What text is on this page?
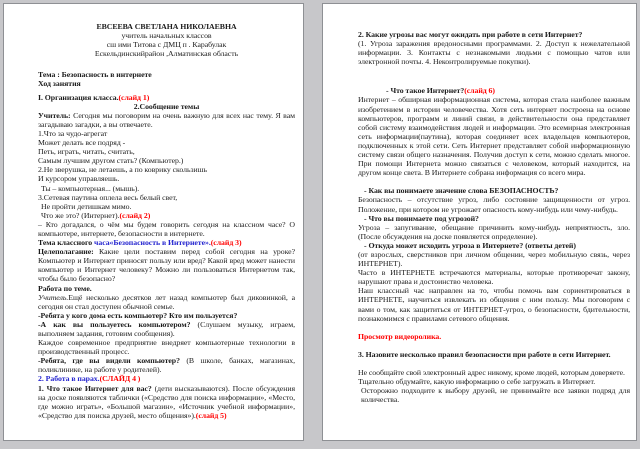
ЕВСЕЕВА СВЕТЛАНА НИКОЛАЕВНА

учитель начальных классов

сш ими Титова с ДМЦ п . Карабулак

Ескельдинскийрайон ,Алматинская область

Тема : Безопасность в интернете

Ход занятия

I. Организация класса.(слайд 1)

2.Сообщение темы

Учитель: Сегодня мы поговорим на очень важную для всех нас тему. Я вам загадываю загадки, а вы отвечаете.

1.Что за чудо-агрегат

Может делать все подряд -

Петь, играть, читать, считать,

Самым лучшим другом стать? (Компьютер.)

2.Не зверушка, не летаешь, а по коврику скользишь

И курсором управляешь.

Ты – компьютерная... (мышь).

3.Сетевая паутина оплела весь белый свет,

Не пройти детишкам мимо.

Что же это? (Интернет).(слайд 2)

– Кто догадался, о чём мы будем говорить сегодня на классном часе? О компьютере, интернете, безопасности в интернете.

Тема классного часа«Безопасность в Интернете».(слайд 3)

Целеполагание: Какие цели поставим перед собой сегодня на уроке? Компьютер и Интернет приносят пользу или вред? Какой вред может нанести компьютер и Интернет человеку? Можно ли пользоваться Интернетом так, чтобы было безопасно?

Работа по теме.

Учитель.Ещё несколько десятков лет назад компьютер был диковинкой, а сегодня он стал доступен обычной семье.

-Ребята у кого дома есть компьютер? Кто им пользуется?

-А как вы пользуетесь компьютером? (Слушаем музыку, играем, выполняем задания, готовим сообщения).

Каждое современное предприятие внедряет компьютерные технологии в производственный процесс.

-Ребята, где вы видели компьютер? (В школе, банках, магазинах, поликлинике, на работе у родителей).

2. Работа в парах.(СЛАЙД 4 )

1. Что такое Интернет для вас? (дети высказываются). После обсуждения на доске появляются таблички («Средство для поиска информации», «Место, где можно играть», «Большой магазин», «Источник учебной информации», «Средство для поиска друзей, место общения»).(слайд 5)

2. Какие угрозы вас могут ожидать при работе в сети Интернет?

(1. Угроза заражения вредоносными программами. 2. Доступ к нежелательной информации. 3. Контакты с незнакомыми людьми с помощью чатов или электронной почты. 4. Неконтролируемые покупки).

- Что такое Интернет?(слайд 6)

Интернет – обширная информационная система, которая стала наиболее важным изобретением в истории человечества. Хотя сеть интернет построена на основе компьютеров, программ и линий связи, в действительности она представляет собой систему взаимодействия людей и информации. Это всемирная электронная сеть информации(паутина), которая соединяет всех владельцев компьютеров, подключенных к этой сети. Сеть Интернет представляет собой информационную систему связи общего назначения. Получив доступ к сети, можно сделать многое. При помощи Интернета можно связаться с человеком, который находится, на другом конце света. В Интернете собрана информация со всего мира.

- Как вы понимаете значение слова БЕЗОПАСНОСТЬ?

Безопасность – отсутствие угроз, либо состояние защищенности от угроз. Положение, при котором не угрожает опасность кому-нибудь или чему-нибудь.

- Что вы понимаете под угрозой?

Угроза – запугивание, обещание причинить кому-нибудь неприятность, зло. (После обсуждения на доске появляется определение).

- Откуда может исходить угроза в Интернете? (ответы детей)

(от взрослых, сверстников при личном общении, через мобильную связь, через ИНТЕРНЕТ).

Часто в ИНТЕРНЕТЕ встречаются материалы, которые противоречат закону, нарушают права и достоинство человека.

Наш классный час направлен на то, чтобы помочь вам сориентироваться в ИНТЕРНЕТЕ, научиться извлекать из общения с ним пользу. Мы поговорим с вами о том, как защититься от ИНТЕРНЕТ-угроз, о безопасности, бдительности, познакомимся с правилами сетевого общения.

Просмотр видеоролика.

3. Назовите несколько правил безопасности при работе в сети Интернет.

Не сообщайте свой электронный адрес никому, кроме людей, которым доверяете.

Тщательно обдумайте, какую информацию о себе загружать в Интернет.

Осторожно подходите к выбору друзей, не принимайте все заявки подряд для количества.
